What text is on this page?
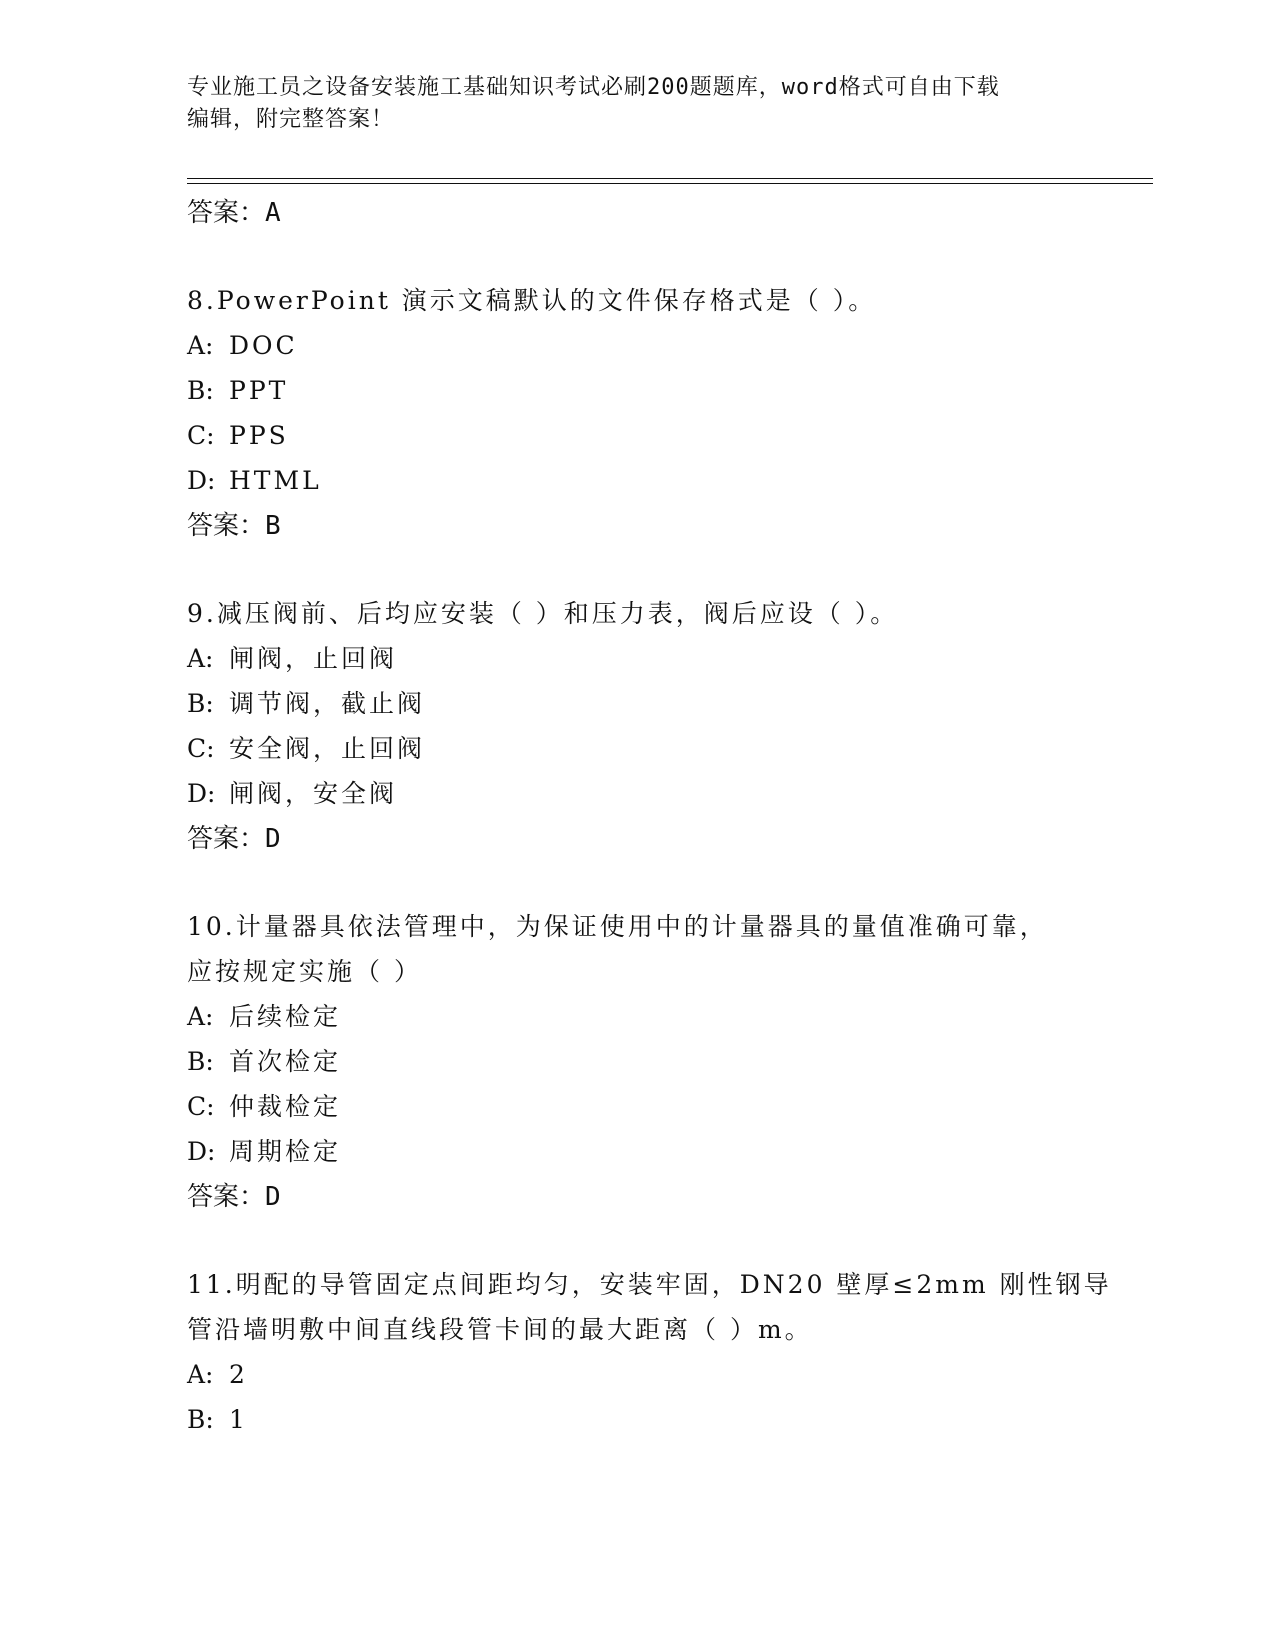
专业施工员之设备安装施工基础知识考试必刷200题题库，word格式可自由下载
编辑，附完整答案！
答案：A
8.PowerPoint 演示文稿默认的文件保存格式是（ ）。
A: DOC
B: PPT
C: PPS
D: HTML
答案：B
9.减压阀前、后均应安装（ ）和压力表，阀后应设（ ）。
A: 闸阀，止回阀
B: 调节阀，截止阀
C: 安全阀，止回阀
D: 闸阀，安全阀
答案：D
10.计量器具依法管理中，为保证使用中的计量器具的量值准确可靠，
应按规定实施（ ）
A: 后续检定
B: 首次检定
C: 仲裁检定
D: 周期检定
答案：D
11.明配的导管固定点间距均匀，安装牢固，DN20 壁厚≤2mm 刚性钢导
管沿墙明敷中间直线段管卡间的最大距离（ ）m。
A: 2
B: 1
